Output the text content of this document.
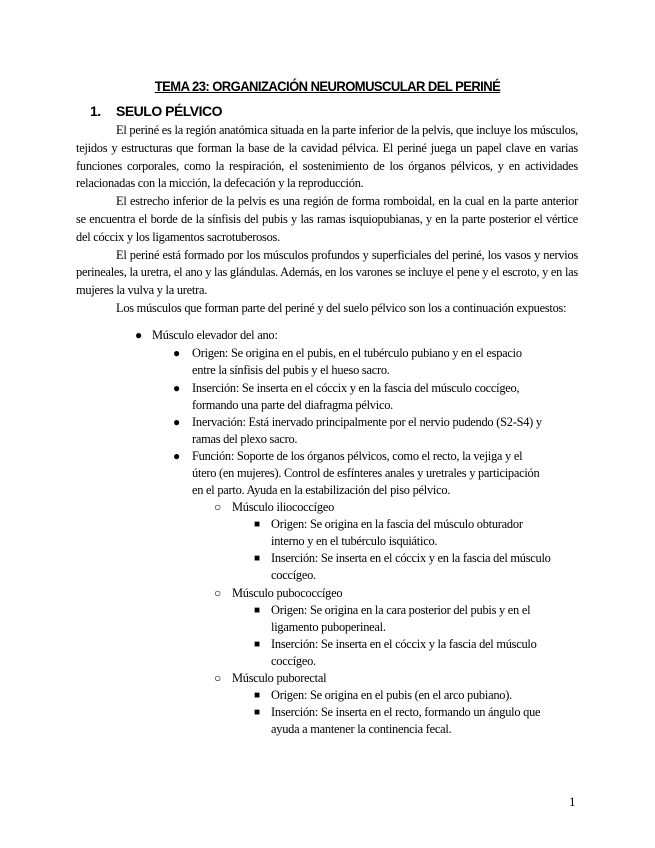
TEMA 23: ORGANIZACIÓN NEUROMUSCULAR DEL PERINÉ
1. SEULO PÉLVICO

El periné es la región anatómica situada en la parte inferior de la pelvis, que incluye los músculos, tejidos y estructuras que forman la base de la cavidad pélvica. El periné juega un papel clave en varias funciones corporales, como la respiración, el sostenimiento de los órganos pélvicos, y en actividades relacionadas con la micción, la defecación y la reproducción.

El estrecho inferior de la pelvis es una región de forma romboidal, en la cual en la parte anterior se encuentra el borde de la sínfisis del pubis y las ramas isquiopubianas, y en la parte posterior el vértice del cóccix y los ligamentos sacrotuberosos.

El periné está formado por los músculos profundos y superficiales del periné, los vasos y nervios perineales, la uretra, el ano y las glándulas. Además, en los varones se incluye el pene y el escroto, y en las mujeres la vulva y la uretra.

Los músculos que forman parte del periné y del suelo pélvico son los a continuación expuestos:

● Músculo elevador del ano:
● Origen: Se origina en el pubis, en el tubérculo pubiano y en el espacio
entre la sínfisis del pubis y el hueso sacro.
● Inserción: Se inserta en el cóccix y en la fascia del músculo coccígeo,
formando una parte del diafragma pélvico.
● Inervación: Está inervado principalmente por el nervio pudendo (S2-S4) y
ramas del plexo sacro.
● Función: Soporte de los órganos pélvicos, como el recto, la vejiga y el
útero (en mujeres). Control de esfínteres anales y uretrales y participación
en el parto. Ayuda en la estabilización del piso pélvico.
○ Músculo iliococcígeo
■ Origen: Se origina en la fascia del músculo obturador
interno y en el tubérculo isquiático.
■ Inserción: Se inserta en el cóccix y en la fascia del músculo
coccígeo.
○ Músculo pubococcígeo
■ Origen: Se origina en la cara posterior del pubis y en el
ligamento puboperineal.
■ Inserción: Se inserta en el cóccix y la fascia del músculo
coccígeo.
○ Músculo puborectal
■ Origen: Se origina en el pubis (en el arco pubiano).
■ Inserción: Se inserta en el recto, formando un ángulo que
ayuda a mantener la continencia fecal.
1
